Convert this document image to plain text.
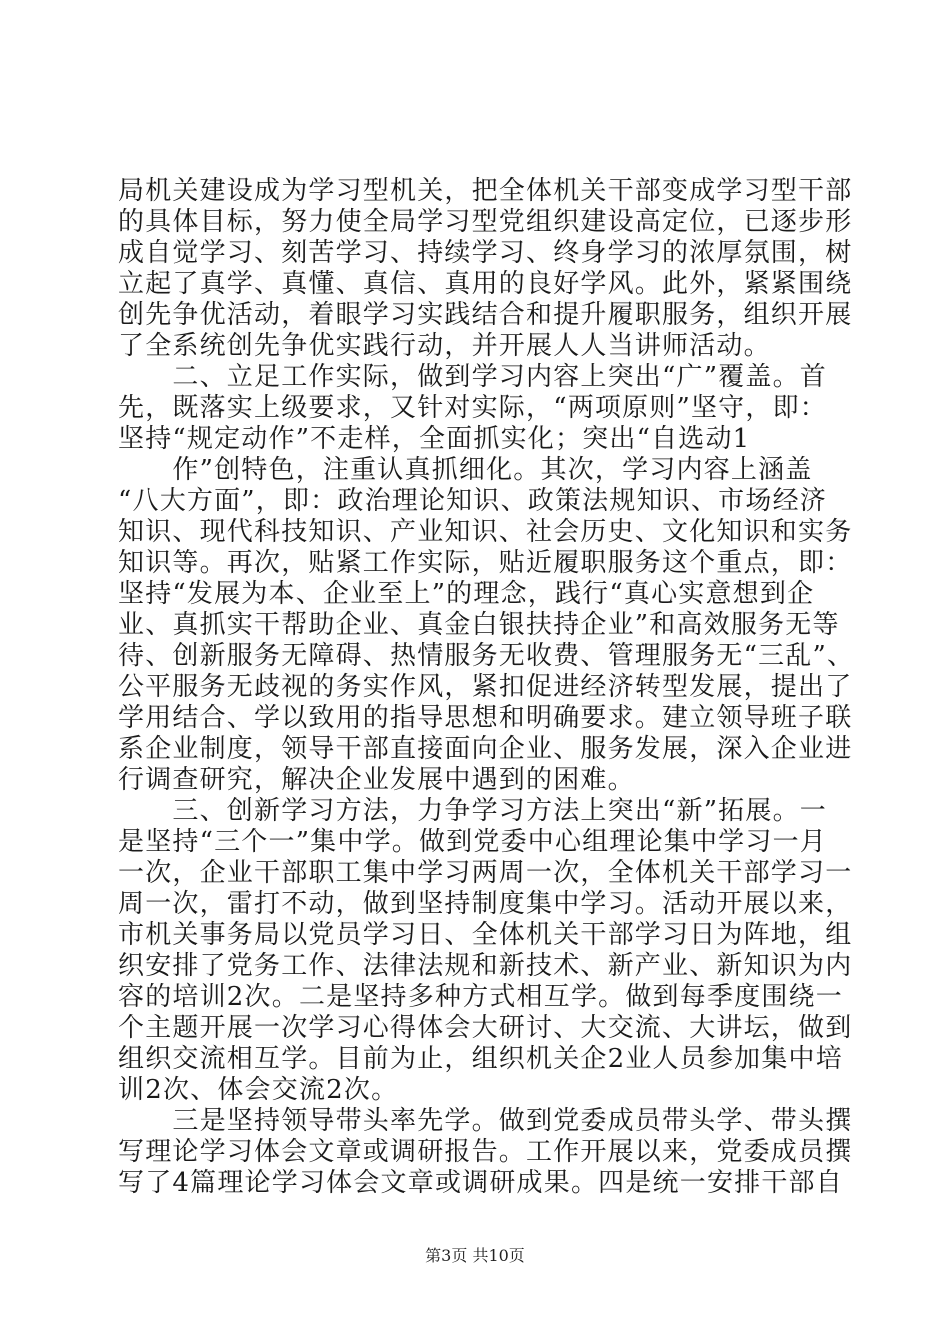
局机关建设成为学习型机关，把全体机关干部变成学习型干部
的具体目标，努力使全局学习型党组织建设高定位，已逐步形
成自觉学习、刻苦学习、持续学习、终身学习的浓厚氛围，树
立起了真学、真懂、真信、真用的良好学风。此外，紧紧围绕
创先争优活动，着眼学习实践结合和提升履职服务，组织开展
了全系统创先争优实践行动，并开展人人当讲师活动。
　　二、立足工作实际，做到学习内容上突出“广”覆盖。首
先，既落实上级要求，又针对实际，“两项原则”坚守，即：
坚持“规定动作”不走样，全面抓实化；突出“自选动1
　　作”创特色，注重认真抓细化。其次，学习内容上涵盖
“八大方面”，即：政治理论知识、政策法规知识、市场经济
知识、现代科技知识、产业知识、社会历史、文化知识和实务
知识等。再次，贴紧工作实际，贴近履职服务这个重点，即：
坚持“发展为本、企业至上”的理念，践行“真心实意想到企
业、真抓实干帮助企业、真金白银扶持企业”和高效服务无等
待、创新服务无障碍、热情服务无收费、管理服务无“三乱”、
公平服务无歧视的务实作风，紧扣促进经济转型发展，提出了
学用结合、学以致用的指导思想和明确要求。建立领导班子联
系企业制度，领导干部直接面向企业、服务发展，深入企业进
行调查研究，解决企业发展中遇到的困难。
　　三、创新学习方法，力争学习方法上突出“新”拓展。一
是坚持“三个一”集中学。做到党委中心组理论集中学习一月
一次，企业干部职工集中学习两周一次，全体机关干部学习一
周一次，雷打不动，做到坚持制度集中学习。活动开展以来，
市机关事务局以党员学习日、全体机关干部学习日为阵地，组
织安排了党务工作、法律法规和新技术、新产业、新知识为内
容的培训2次。二是坚持多种方式相互学。做到每季度围绕一
个主题开展一次学习心得体会大研讨、大交流、大讲坛，做到
组织交流相互学。目前为止，组织机关企2业人员参加集中培
训2次、体会交流2次。
　　三是坚持领导带头率先学。做到党委成员带头学、带头撰
写理论学习体会文章或调研报告。工作开展以来，党委成员撰
写了4篇理论学习体会文章或调研成果。四是统一安排干部自
第3页 共10页
